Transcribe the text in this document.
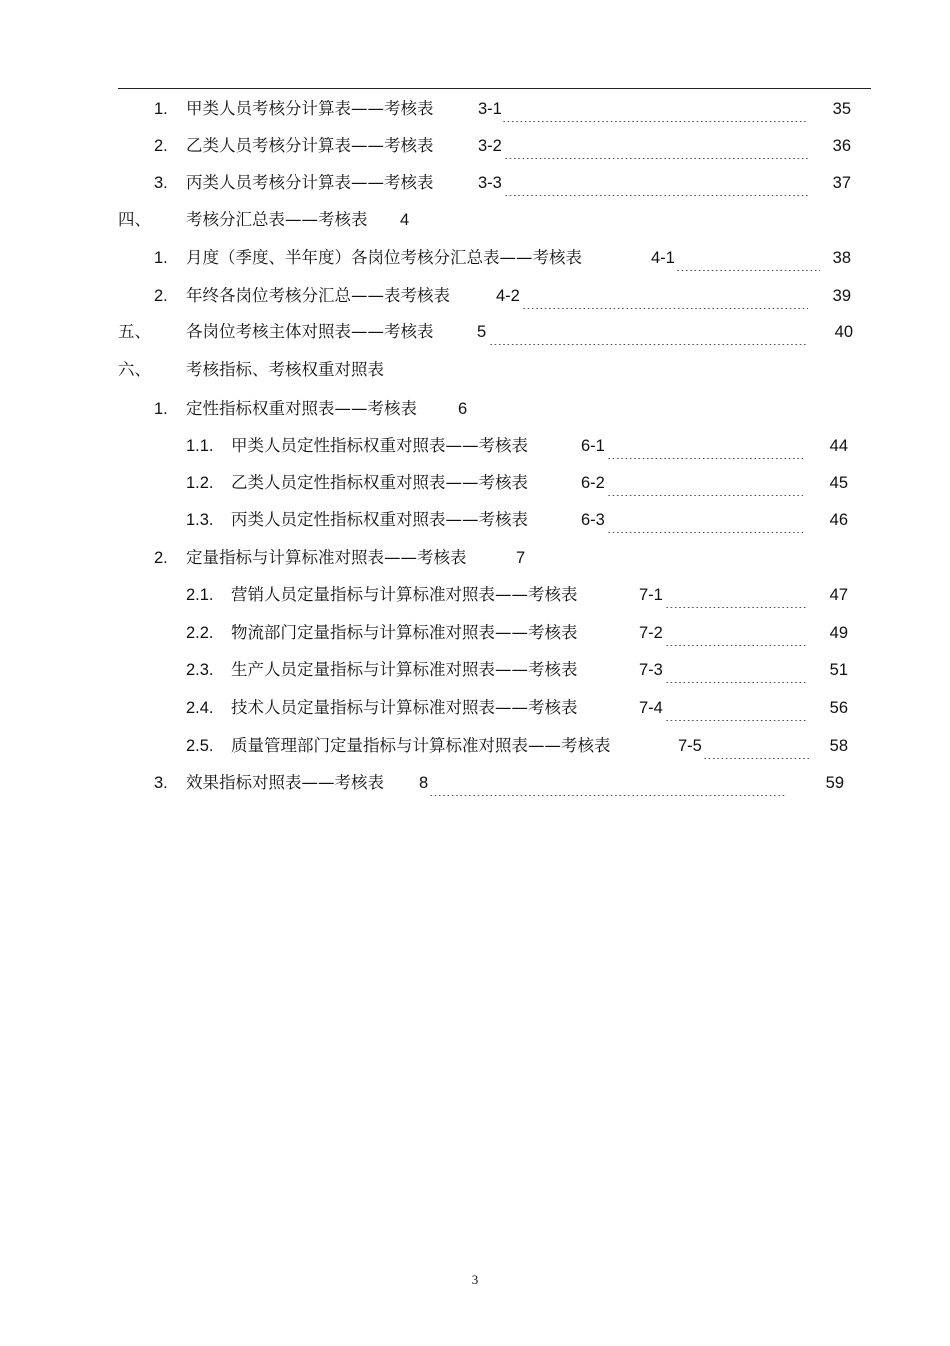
1. 甲类人员考核分计算表——考核表	3-1	35
2. 乙类人员考核分计算表——考核表	3-2	36
3. 丙类人员考核分计算表——考核表	3-3	37
四、 考核分汇总表——考核表 4
1. 月度（季度、半年度）各岗位考核分汇总表——考核表	4-1	38
2. 年终各岗位考核分汇总——表考核表	4-2	39
五、 各岗位考核主体对照表——考核表	5	40
六、 考核指标、考核权重对照表
1. 定性指标权重对照表——考核表 6
1.1. 甲类人员定性指标权重对照表——考核表	6-1	44
1.2. 乙类人员定性指标权重对照表——考核表	6-2	45
1.3. 丙类人员定性指标权重对照表——考核表	6-3	46
2. 定量指标与计算标准对照表——考核表	7
2.1. 营销人员定量指标与计算标准对照表——考核表	7-1	47
2.2. 物流部门定量指标与计算标准对照表——考核表	7-2	49
2.3. 生产人员定量指标与计算标准对照表——考核表	7-3	51
2.4. 技术人员定量指标与计算标准对照表——考核表	7-4	56
2.5. 质量管理部门定量指标与计算标准对照表——考核表	7-5	58
3. 效果指标对照表——考核表 8	59
3
